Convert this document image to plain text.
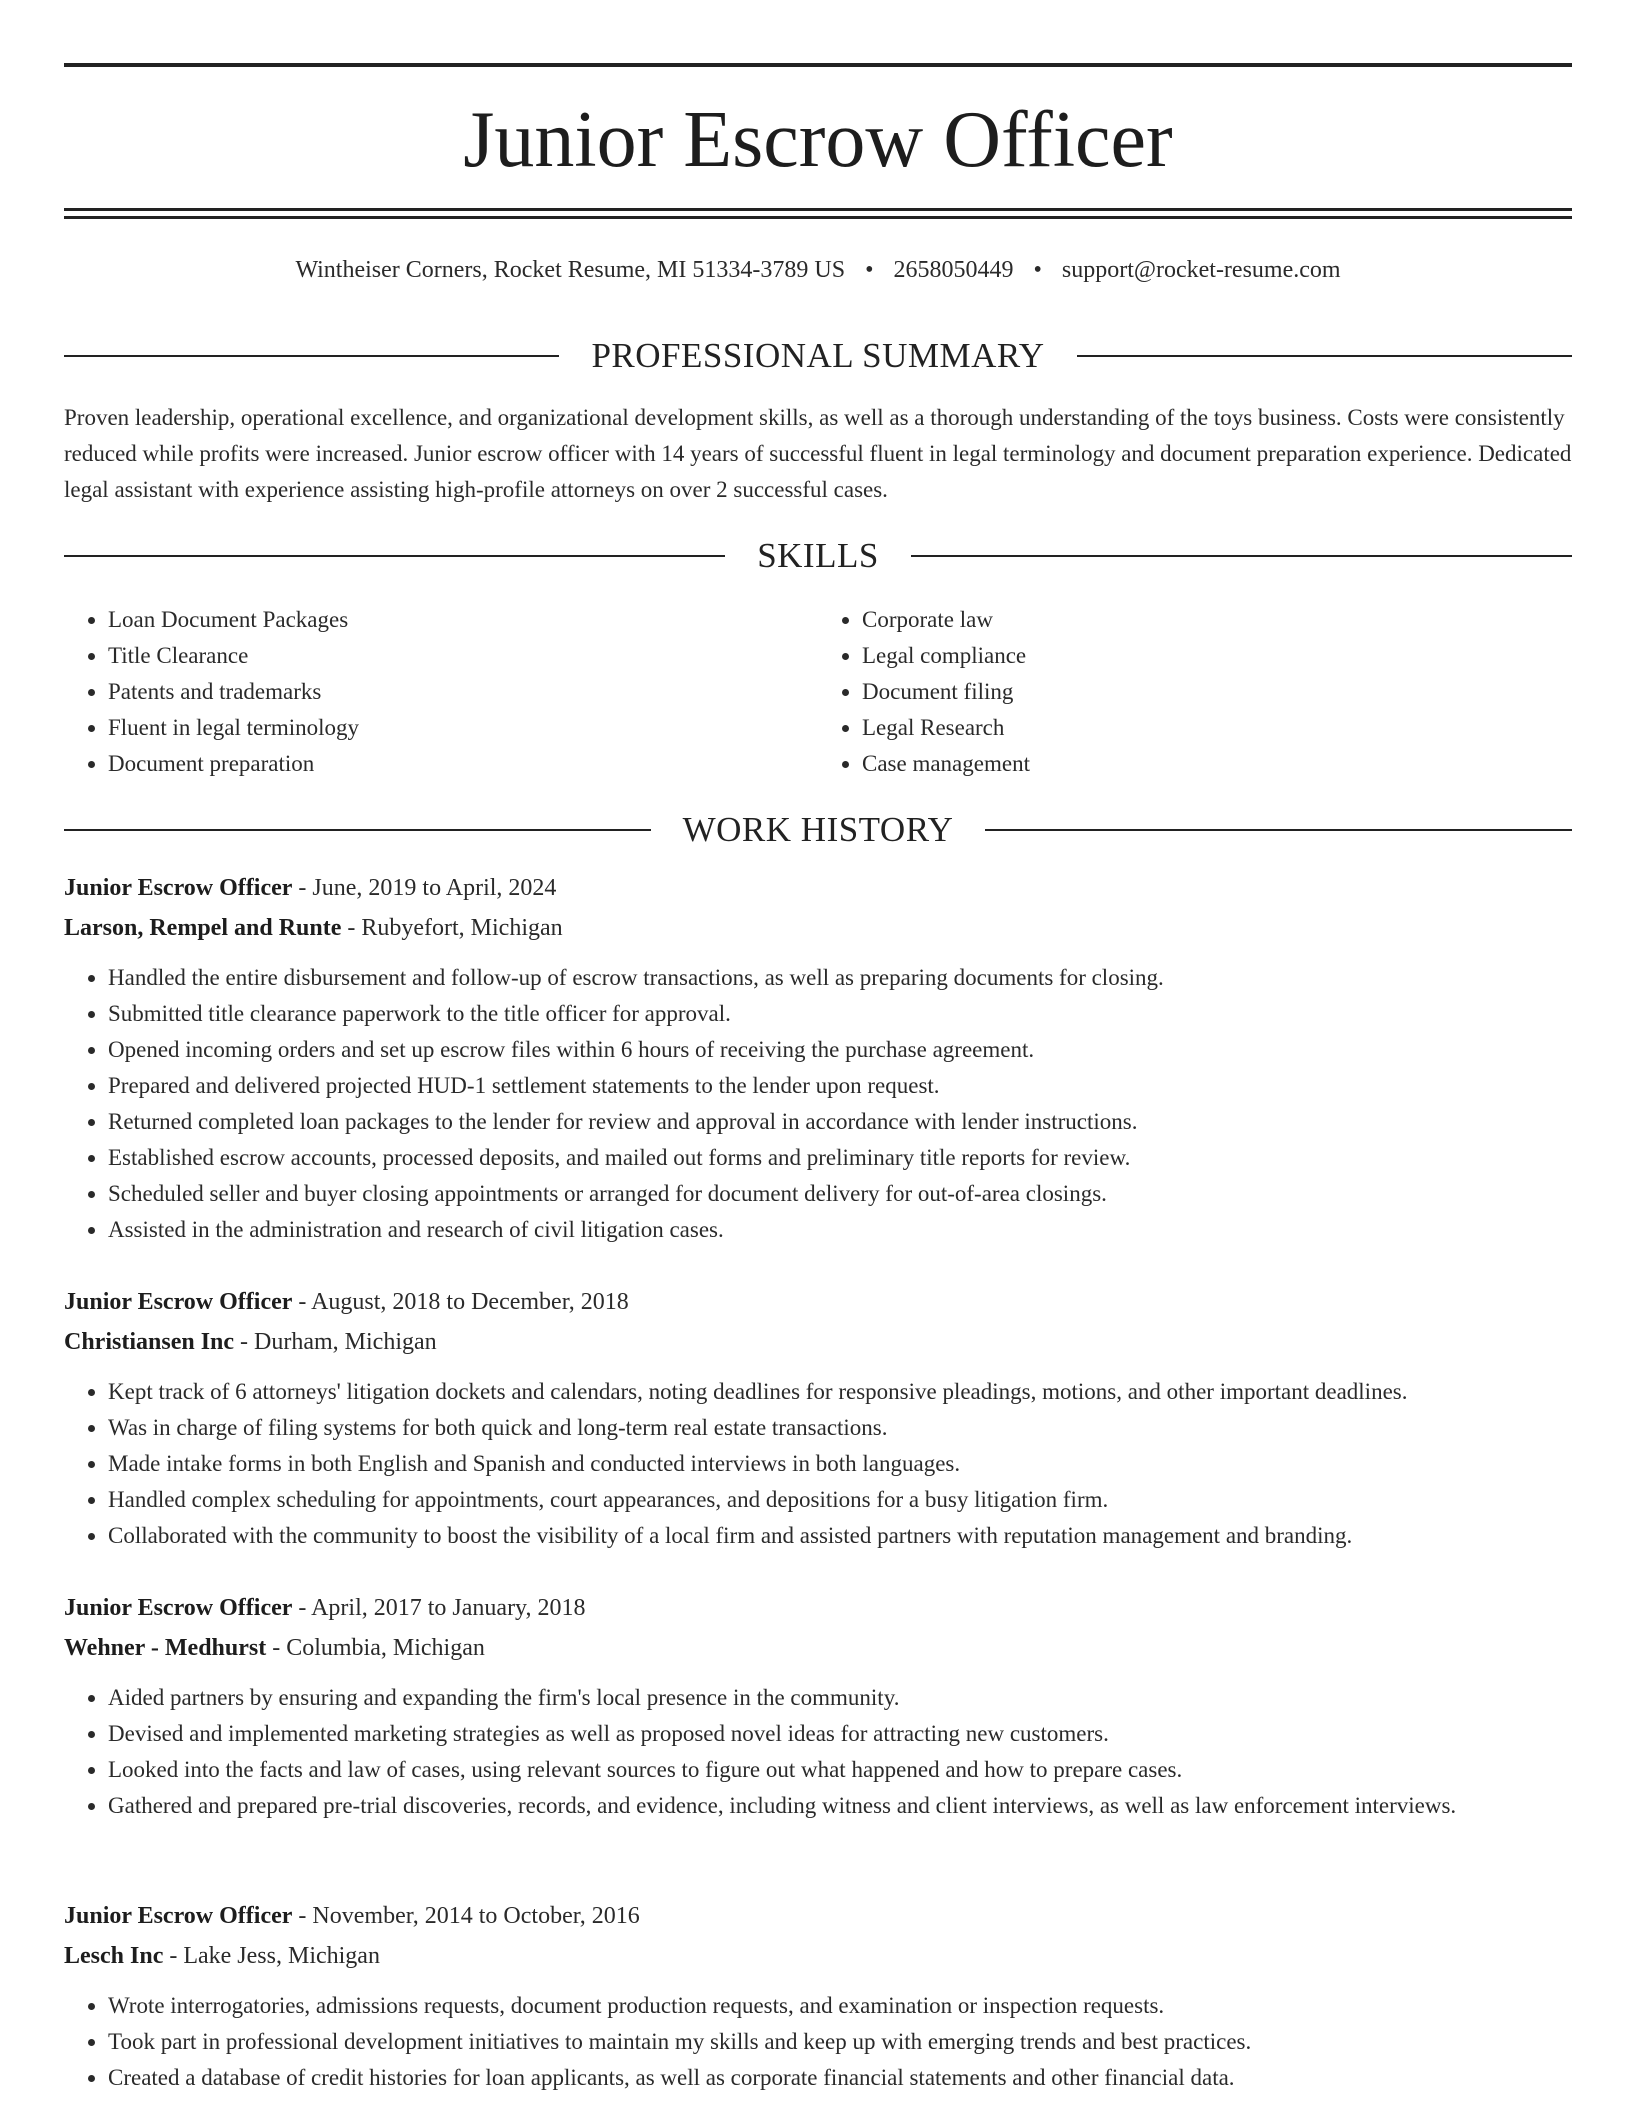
Junior Escrow Officer
Wintheiser Corners, Rocket Resume, MI 51334-3789 US • 2658050449 • support@rocket-resume.com
PROFESSIONAL SUMMARY

Proven leadership, operational excellence, and organizational development skills, as well as a thorough understanding of the toys business. Costs were consistently reduced while profits were increased. Junior escrow officer with 14 years of successful fluent in legal terminology and document preparation experience. Dedicated legal assistant with experience assisting high-profile attorneys on over 2 successful cases.

SKILLS
• Loan Document Packages
• Title Clearance
• Patents and trademarks
• Fluent in legal terminology
• Document preparation
• Corporate law
• Legal compliance
• Document filing
• Legal Research
• Case management
WORK HISTORY
Junior Escrow Officer - June, 2019 to April, 2024
Larson, Rempel and Runte - Rubyefort, Michigan
• Handled the entire disbursement and follow-up of escrow transactions, as well as preparing documents for closing.
• Submitted title clearance paperwork to the title officer for approval.
• Opened incoming orders and set up escrow files within 6 hours of receiving the purchase agreement.
• Prepared and delivered projected HUD-1 settlement statements to the lender upon request.
• Returned completed loan packages to the lender for review and approval in accordance with lender instructions.
• Established escrow accounts, processed deposits, and mailed out forms and preliminary title reports for review.
• Scheduled seller and buyer closing appointments or arranged for document delivery for out-of-area closings.
• Assisted in the administration and research of civil litigation cases.
Junior Escrow Officer - August, 2018 to December, 2018
Christiansen Inc - Durham, Michigan
• Kept track of 6 attorneys' litigation dockets and calendars, noting deadlines for responsive pleadings, motions, and other important deadlines.
• Was in charge of filing systems for both quick and long-term real estate transactions.
• Made intake forms in both English and Spanish and conducted interviews in both languages.
• Handled complex scheduling for appointments, court appearances, and depositions for a busy litigation firm.
• Collaborated with the community to boost the visibility of a local firm and assisted partners with reputation management and branding.
Junior Escrow Officer - April, 2017 to January, 2018
Wehner - Medhurst - Columbia, Michigan
• Aided partners by ensuring and expanding the firm's local presence in the community.
• Devised and implemented marketing strategies as well as proposed novel ideas for attracting new customers.
• Looked into the facts and law of cases, using relevant sources to figure out what happened and how to prepare cases.
• Gathered and prepared pre-trial discoveries, records, and evidence, including witness and client interviews, as well as law enforcement interviews.
Junior Escrow Officer - November, 2014 to October, 2016
Lesch Inc - Lake Jess, Michigan
• Wrote interrogatories, admissions requests, document production requests, and examination or inspection requests.
• Took part in professional development initiatives to maintain my skills and keep up with emerging trends and best practices.
• Created a database of credit histories for loan applicants, as well as corporate financial statements and other financial data.
